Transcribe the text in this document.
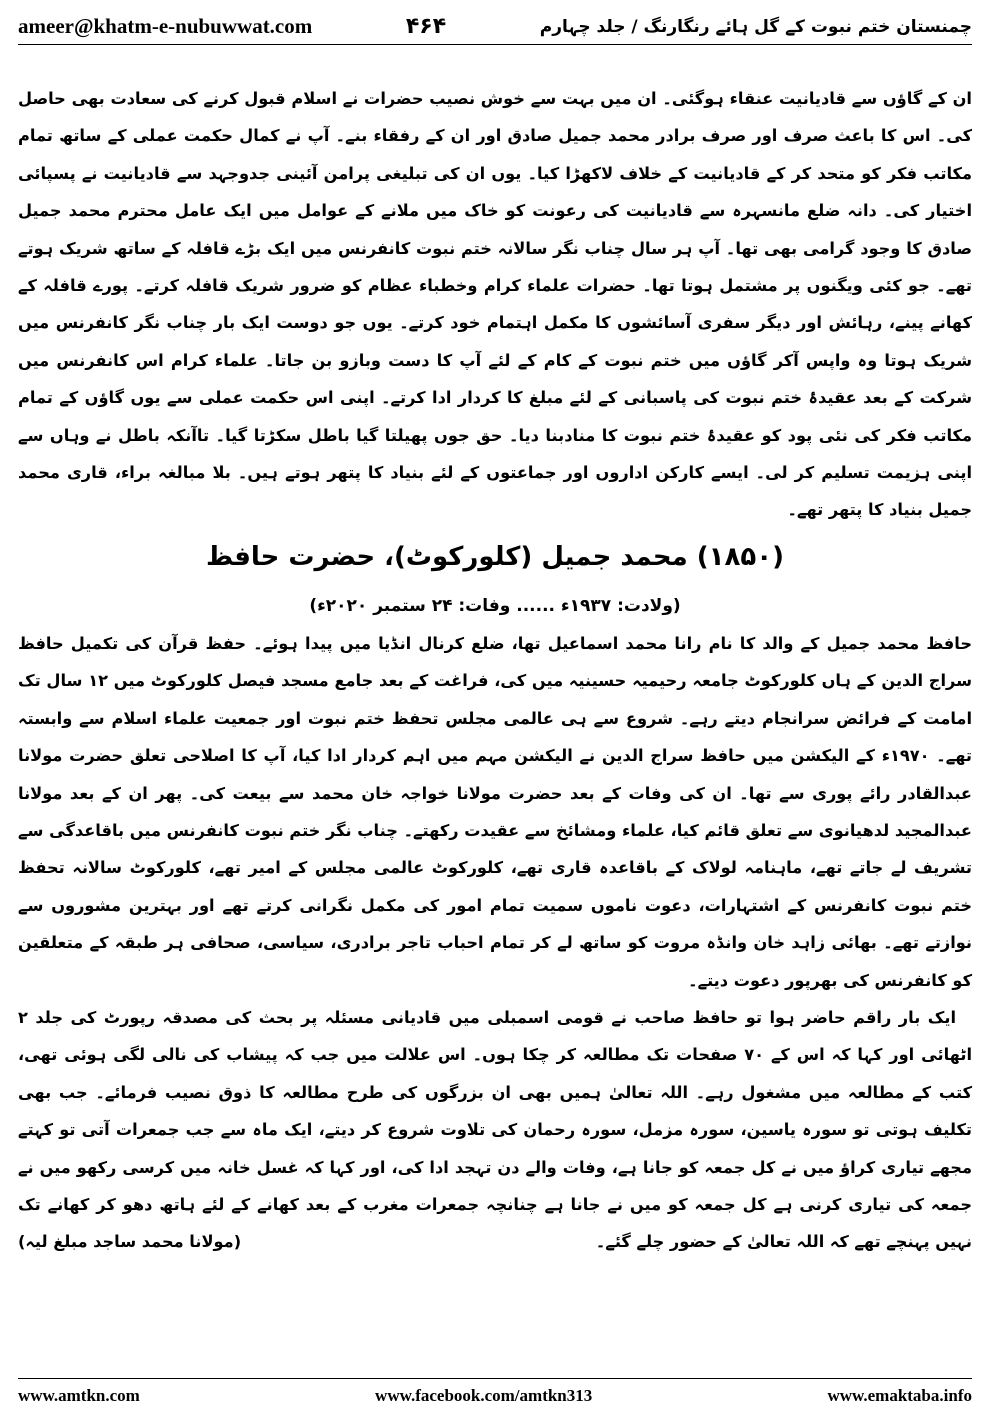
ameer@khatm-e-nubuwwat.com	۴۶۴	چمنستان ختم نبوت کے گل ہائے رنگارنگ / جلد چہارم

ان کے گاؤں سے قادیانیت عنقاء ہوگئی۔ ان میں بہت سے خوش نصیب حضرات نے اسلام قبول کرنے کی سعادت بھی حاصل کی۔ اس کا باعث صرف اور صرف برادر محمد جمیل صادق اور ان کے رفقاء بنے۔ آپ نے کمال حکمت عملی کے ساتھ تمام مکاتب فکر کو متحد کر کے قادیانیت کے خلاف لاکھڑا کیا۔ یوں ان کی تبلیغی پرامن آئینی جدوجہد سے قادیانیت نے پسپائی اختیار کی۔ دانہ ضلع مانسہرہ سے قادیانیت کی رعونت کو خاک میں ملانے کے عوامل میں ایک عامل محترم محمد جمیل صادق کا وجود گرامی بھی تھا۔ آپ ہر سال چناب نگر سالانہ ختم نبوت کانفرنس میں ایک بڑے قافلہ کے ساتھ شریک ہوتے تھے۔ جو کئی ویگنوں پر مشتمل ہوتا تھا۔ حضرات علماء کرام وخطباء عظام کو ضرور شریک قافلہ کرتے۔ پورے قافلہ کے کھانے پینے، رہائش اور دیگر سفری آسائشوں کا مکمل اہتمام خود کرتے۔ یوں جو دوست ایک بار چناب نگر کانفرنس میں شریک ہوتا وہ واپس آکر گاؤں میں ختم نبوت کے کام کے لئے آپ کا دست وبازو بن جاتا۔ علماء کرام اس کانفرنس میں شرکت کے بعد عقیدۂ ختم نبوت کی پاسبانی کے لئے مبلغ کا کردار ادا کرتے۔ اپنی اس حکمت عملی سے یوں گاؤں کے تمام مکاتب فکر کی نئی پود کو عقیدۂ ختم نبوت کا منادبنا دیا۔ حق جوں پھیلتا گیا باطل سکڑتا گیا۔ تاآنکہ باطل نے وہاں سے اپنی ہزیمت تسلیم کر لی۔ ایسے کارکن اداروں اور جماعتوں کے لئے بنیاد کا پتھر ہوتے ہیں۔ بلا مبالغہ براء، قاری محمد جمیل بنیاد کا پتھر تھے۔

(۱۸۵۰) محمد جمیل (کلورکوٹ)، حضرت حافظ
(ولادت: ۱۹۳۷ء ...... وفات: ۲۴ ستمبر ۲۰۲۰ء)

حافظ محمد جمیل کے والد کا نام رانا محمد اسماعیل تھا، ضلع کرنال انڈیا میں پیدا ہوئے۔ حفظ قرآن کی تکمیل حافظ سراج الدین کے ہاں کلورکوٹ جامعہ رحیمیہ حسینیہ میں کی، فراغت کے بعد جامع مسجد فیصل کلورکوٹ میں ۱۲ سال تک امامت کے فرائض سرانجام دیتے رہے۔ شروع سے ہی عالمی مجلس تحفظ ختم نبوت اور جمعیت علماء اسلام سے وابستہ تھے۔ ۱۹۷۰ء کے الیکشن میں حافظ سراج الدین نے الیکشن مہم میں اہم کردار ادا کیا، آپ کا اصلاحی تعلق حضرت مولانا عبدالقادر رائے پوری سے تھا۔ ان کی وفات کے بعد حضرت مولانا خواجہ خان محمد سے بیعت کی۔ پھر ان کے بعد مولانا عبدالمجید لدھیانوی سے تعلق قائم کیا، علماء ومشائخ سے عقیدت رکھتے۔ چناب نگر ختم نبوت کانفرنس میں باقاعدگی سے تشریف لے جاتے تھے، ماہنامہ لولاک کے باقاعدہ قاری تھے، کلورکوٹ عالمی مجلس کے امیر تھے، کلورکوٹ سالانہ تحفظ ختم نبوت کانفرنس کے اشتہارات، دعوت ناموں سمیت تمام امور کی مکمل نگرانی کرتے تھے اور بہترین مشوروں سے نوازتے تھے۔ بھائی زاہد خان وانڈہ مروت کو ساتھ لے کر تمام احباب تاجر برادری، سیاسی، صحافی ہر طبقہ کے متعلقین کو کانفرنس کی بھرپور دعوت دیتے۔

ایک بار راقم حاضر ہوا تو حافظ صاحب نے قومی اسمبلی میں قادیانی مسئلہ پر بحث کی مصدقہ رپورٹ کی جلد ۲ اٹھائی اور کہا کہ اس کے ۷۰ صفحات تک مطالعہ کر چکا ہوں۔ اس علالت میں جب کہ پیشاب کی نالی لگی ہوئی تھی، کتب کے مطالعہ میں مشغول رہے۔ اللہ تعالیٰ ہمیں بھی ان بزرگوں کی طرح مطالعہ کا ذوق نصیب فرمائے۔ جب بھی تکلیف ہوتی تو سورہ یاسین، سورہ مزمل، سورہ رحمان کی تلاوت شروع کر دیتے، ایک ماہ سے جب جمعرات آتی تو کہتے مجھے تیاری کراؤ میں نے کل جمعہ کو جانا ہے، وفات والے دن تہجد ادا کی، اور کہا کہ غسل خانہ میں کرسی رکھو میں نے جمعہ کی تیاری کرنی ہے کل جمعہ کو میں نے جانا ہے چنانچہ جمعرات مغرب کے بعد کھانے کے لئے ہاتھ دھو کر کھانے تک نہیں پہنچے تھے کہ اللہ تعالیٰ کے حضور چلے گئے۔
(مولانا محمد ساجد مبلغ لیہ)

www.amtkn.com	www.facebook.com/amtkn313	www.emaktaba.info
